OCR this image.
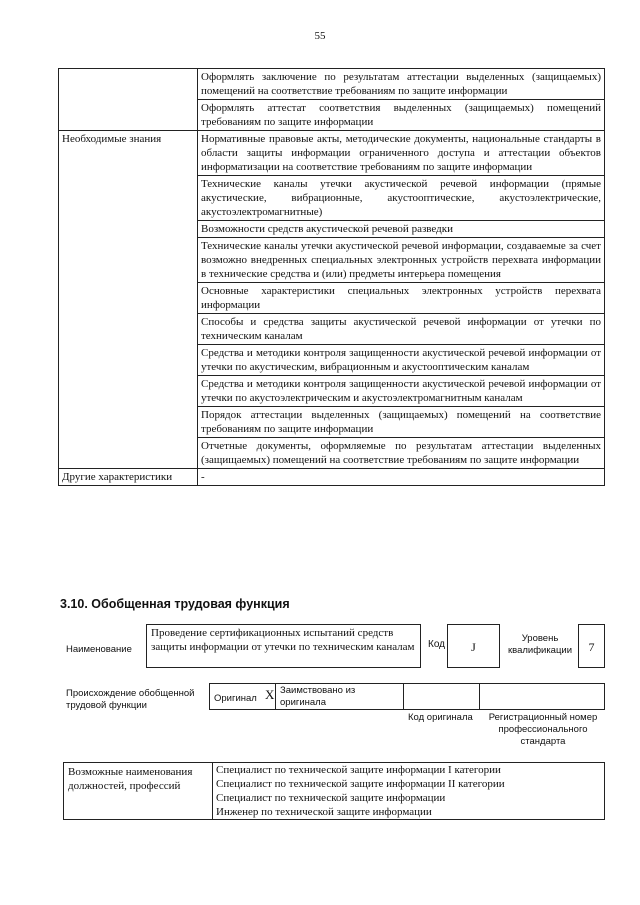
55
	Оформлять заключение по результатам аттестации выделенных (защищаемых) помещений на соответствие требованиям по защите информации
	Оформлять аттестат соответствия выделенных (защищаемых) помещений требованиям по защите информации
Необходимые знания	Нормативные правовые акты, методические документы, национальные стандарты в области защиты информации ограниченного доступа и аттестации объектов информатизации на соответствие требованиям по защите информации
	Технические каналы утечки акустической речевой информации (прямые акустические, вибрационные, акустооптические, акустоэлектрические, акустоэлектромагнитные)
	Возможности средств акустической речевой разведки
	Технические каналы утечки акустической речевой информации, создаваемые за счет возможно внедренных специальных электронных устройств перехвата информации в технические средства и (или) предметы интерьера помещения
	Основные характеристики специальных электронных устройств перехвата информации
	Способы и средства защиты акустической речевой информации от утечки по техническим каналам
	Средства и методики контроля защищенности акустической речевой информации от утечки по акустическим, вибрационным и акустооптическим каналам
	Средства и методики контроля защищенности акустической речевой информации от утечки по акустоэлектрическим и акустоэлектромагнитным каналам
	Порядок аттестации выделенных (защищаемых) помещений на соответствие требованиям по защите информации
	Отчетные документы, оформляемые по результатам аттестации выделенных (защищаемых) помещений на соответствие требованиям по защите информации
Другие характеристики	-
3.10. Обобщенная трудовая функция
Наименование
Проведение сертификационных испытаний средств защиты информации от утечки по техническим каналам	Код	J
Уровень квалификации	7
Происхождение обобщенной трудовой функции
Оригинал X Заимствовано из оригинала
Код оригинала	Регистрационный номер профессионального стандарта
Возможные наименования должностей, профессий	Специалист по технической защите информации I категории
Специалист по технической защите информации II категории
Специалист по технической защите информации
Инженер по технической защите информации
